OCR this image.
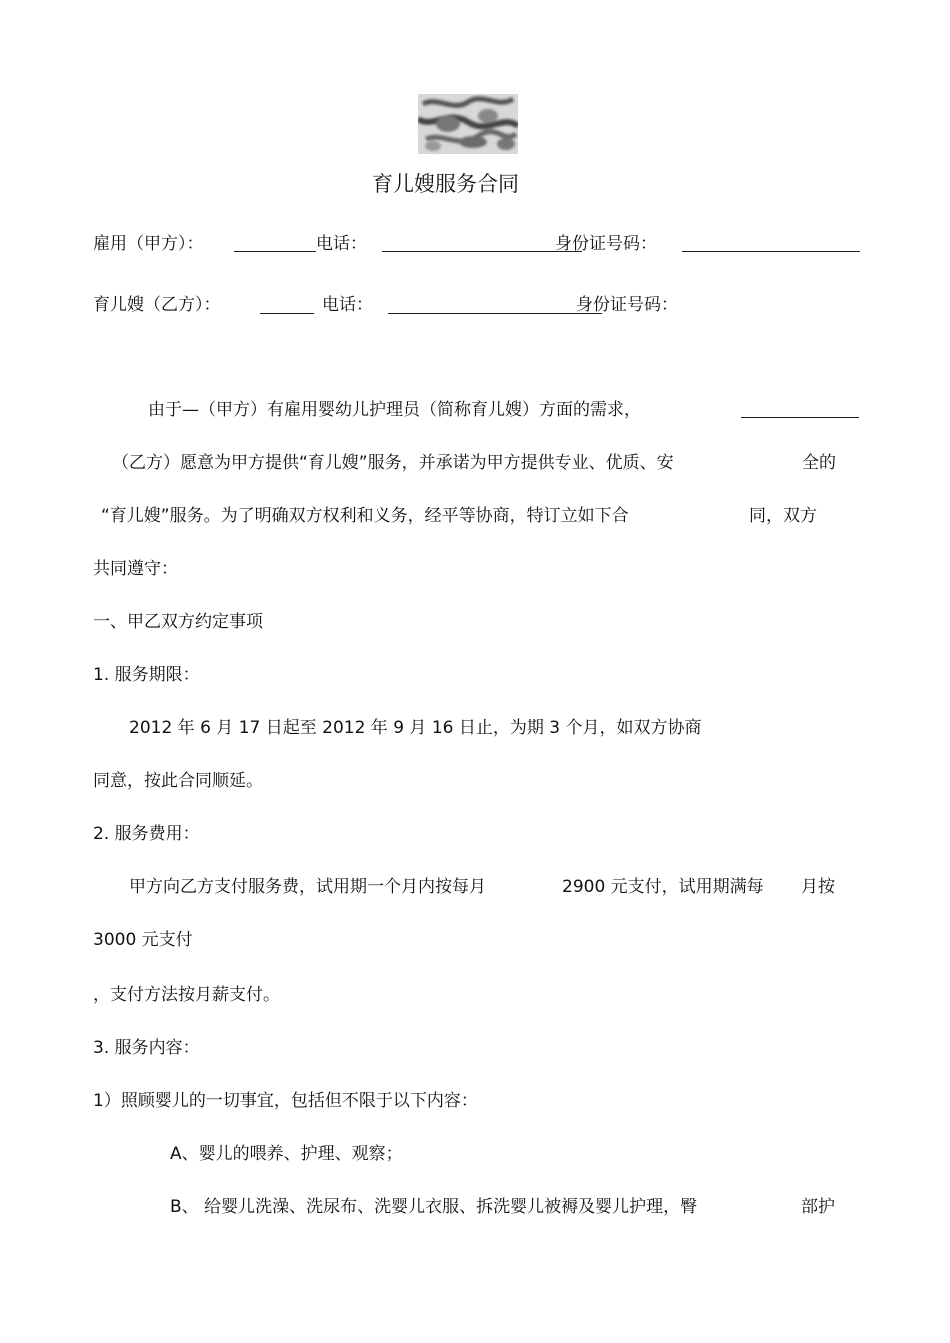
育儿嫂服务合同
雇用（甲方）：	电话：	身份证号码：
育儿嫂（乙方）：	电话：	身份证号码：
由于—（甲方）有雇用婴幼儿护理员（简称育儿嫂）方面的需求，
（乙方）愿意为甲方提供“育儿嫂”服务，并承诺为甲方提供专业、优质、安	全的
“育儿嫂”服务。为了明确双方权利和义务，经平等协商，特订立如下合	同，双方
共同遵守：
一、甲乙双方约定事项
1. 服务期限：
2012 年 6 月 17 日起至 2012 年 9 月 16 日止，为期 3 个月，如双方协商
同意，按此合同顺延。
2. 服务费用：
甲方向乙方支付服务费，试用期一个月内按每月	2900 元支付，试用期满每 月按
3000 元支付
，支付方法按月薪支付。
3. 服务内容：
1）照顾婴儿的一切事宜，包括但不限于以下内容：
A、婴儿的喂养、护理、观察；
B、 给婴儿洗澡、洗尿布、洗婴儿衣服、拆洗婴儿被褥及婴儿护理，臀	部护
